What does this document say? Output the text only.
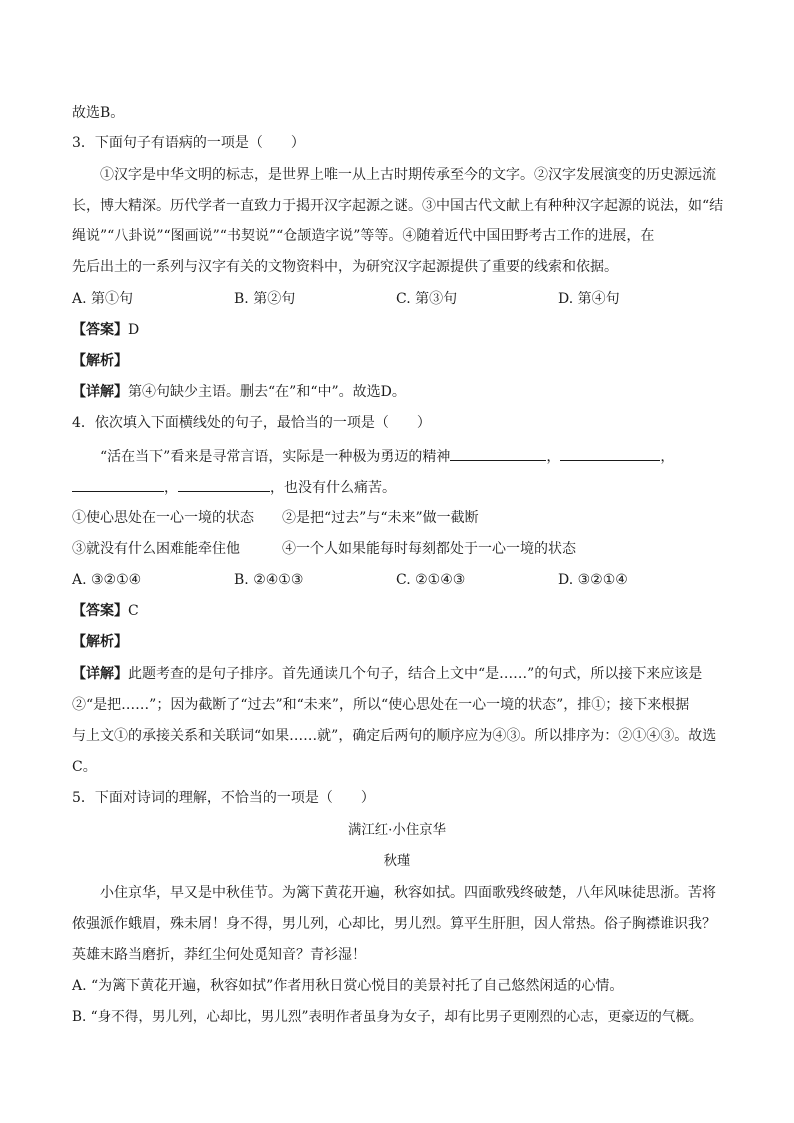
故选B。
3．下面句子有语病的一项是（　　）
①汉字是中华文明的标志，是世界上唯一从上古时期传承至今的文字。②汉字发展演变的历史源远流
长，博大精深。历代学者一直致力于揭开汉字起源之谜。③中国古代文献上有种种汉字起源的说法，如“结
绳说”“八卦说”“图画说”“书契说”“仓颉造字说”等等。④随着近代中国田野考古工作的进展，在
先后出土的一系列与汉字有关的文物资料中，为研究汉字起源提供了重要的线索和依据。
A. 第①句	B. 第②句	C. 第③句	D. 第④句
【答案】D
【解析】
【详解】第④句缺少主语。删去“在”和“中”。故选D。
4．依次填入下面横线处的句子，最恰当的一项是（　　）
“活在当下”看来是寻常言语，实际是一种极为勇迈的精神	，	，
，	，也没有什么痛苦。
①使心思处在一心一境的状态 ②是把“过去”与“未来”做一截断
③就没有什么困难能牵住他	④一个人如果能每时每刻都处于一心一境的状态
A. ③②①④	B. ②④①③	C. ②①④③	D. ③②①④
【答案】C
【解析】
【详解】此题考查的是句子排序。首先通读几个句子，结合上文中“是……”的句式，所以接下来应该是
②“是把……”；因为截断了“过去”和“未来”，所以“使心思处在一心一境的状态”，排①；接下来根据
与上文①的承接关系和关联词“如果……就”，确定后两句的顺序应为④③。所以排序为：②①④③。故选
C。
5．下面对诗词的理解，不恰当的一项是（　　）
满江红·小住京华
秋瑾
小住京华，早又是中秋佳节。为篱下黄花开遍，秋容如拭。四面歌残终破楚，八年风味徒思浙。苦将
侬强派作蛾眉，殊未屑！身不得，男儿列，心却比，男儿烈。算平生肝胆，因人常热。俗子胸襟谁识我？
英雄末路当磨折，莽红尘何处觅知音？青衫湿！
A. “为篱下黄花开遍，秋容如拭”作者用秋日赏心悦目的美景衬托了自己悠然闲适的心情。
B. “身不得，男儿列，心却比，男儿烈”表明作者虽身为女子，却有比男子更刚烈的心志，更豪迈的气概。
